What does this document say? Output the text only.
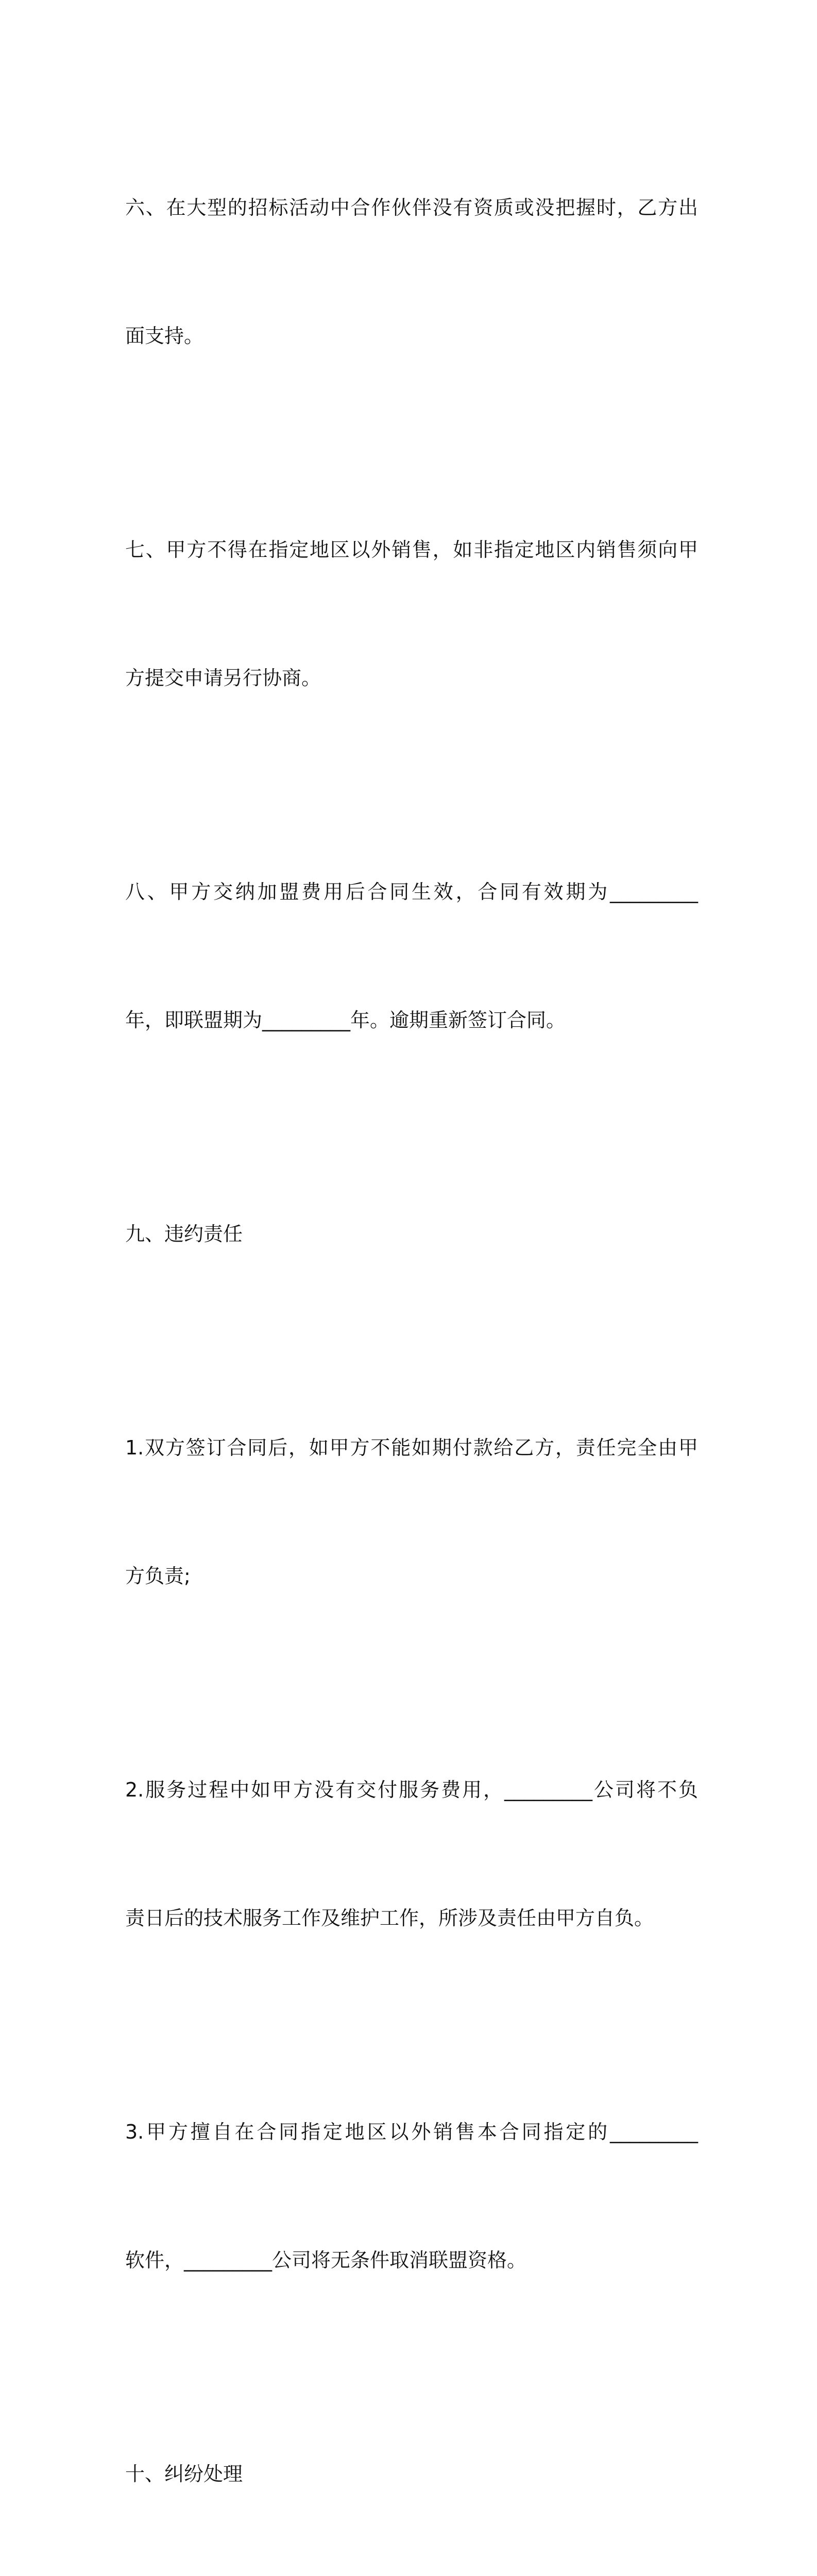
六、在大型的招标活动中合作伙伴没有资质或没把握时，乙方出

面支持。

七、甲方不得在指定地区以外销售，如非指定地区内销售须向甲

方提交申请另行协商。

八、甲方交纳加盟费用后合同生效，合同有效期为_________

年，即联盟期为_________年。逾期重新签订合同。

九、违约责任

1.双方签订合同后，如甲方不能如期付款给乙方，责任完全由甲

方负责;

2.服务过程中如甲方没有交付服务费用，_________公司将不负

责日后的技术服务工作及维护工作，所涉及责任由甲方自负。

3.甲方擅自在合同指定地区以外销售本合同指定的_________

软件，_________公司将无条件取消联盟资格。

十、纠纷处理
